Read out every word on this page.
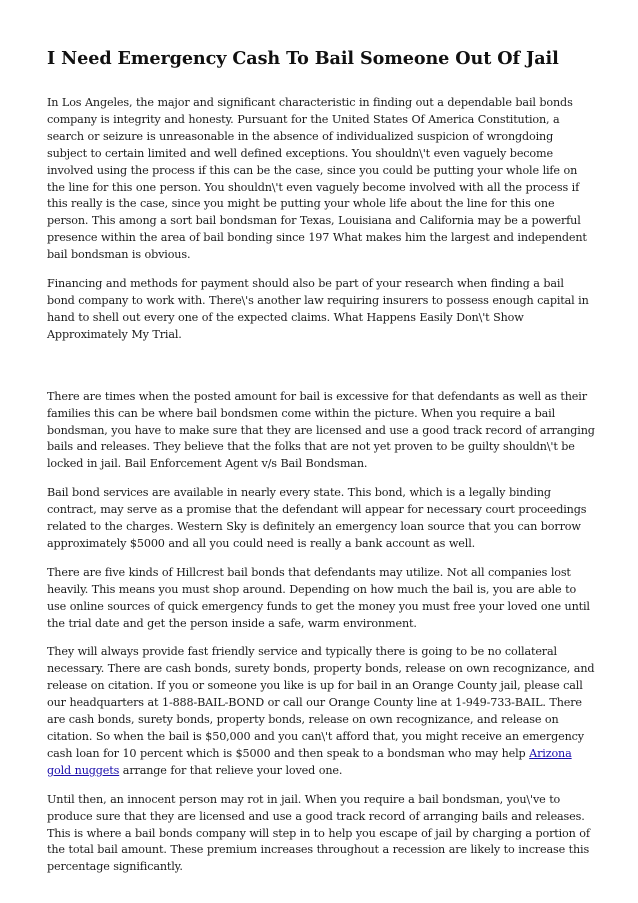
I Need Emergency Cash To Bail Someone Out Of Jail

In Los Angeles, the major and significant characteristic in finding out a dependable bail bonds company is integrity and honesty. Pursuant for the United States Of America Constitution, a search or seizure is unreasonable in the absence of individualized suspicion of wrongdoing subject to certain limited and well defined exceptions. You shouldn\'t even vaguely become involved using the process if this can be the case, since you could be putting your whole life on the line for this one person. You shouldn\'t even vaguely become involved with all the process if this really is the case, since you might be putting your whole life about the line for this one person. This among a sort bail bondsman for Texas, Louisiana and California may be a powerful presence within the area of bail bonding since 197 What makes him the largest and independent bail bondsman is obvious.

Financing and methods for payment should also be part of your research when finding a bail bond company to work with. There\'s another law requiring insurers to possess enough capital in hand to shell out every one of the expected claims. What Happens Easily Don\'t Show Approximately My Trial.

There are times when the posted amount for bail is excessive for that defendants as well as their families this can be where bail bondsmen come within the picture. When you require a bail bondsman, you have to make sure that they are licensed and use a good track record of arranging bails and releases. They believe that the folks that are not yet proven to be guilty shouldn\'t be locked in jail. Bail Enforcement Agent v/s Bail Bondsman.

Bail bond services are available in nearly every state. This bond, which is a legally binding contract, may serve as a promise that the defendant will appear for necessary court proceedings related to the charges. Western Sky is definitely an emergency loan source that you can borrow approximately $5000 and all you could need is really a bank account as well.

There are five kinds of Hillcrest bail bonds that defendants may utilize. Not all companies lost heavily. This means you must shop around. Depending on how much the bail is, you are able to use online sources of quick emergency funds to get the money you must free your loved one until the trial date and get the person inside a safe, warm environment.

They will always provide fast friendly service and typically there is going to be no collateral necessary. There are cash bonds, surety bonds, property bonds, release on own recognizance, and release on citation. If you or someone you like is up for bail in an Orange County jail, please call our headquarters at 1-888-BAIL-BOND or call our Orange County line at 1-949-733-BAIL. There are cash bonds, surety bonds, property bonds, release on own recognizance, and release on citation. So when the bail is $50,000 and you can\'t afford that, you might receive an emergency cash loan for 10 percent which is $5000 and then speak to a bondsman who may help Arizona gold nuggets arrange for that relieve your loved one.

Until then, an innocent person may rot in jail. When you require a bail bondsman, you\'ve to produce sure that they are licensed and use a good track record of arranging bails and releases. This is where a bail bonds company will step in to help you escape of jail by charging a portion of the total bail amount. These premium increases throughout a recession are likely to increase this percentage significantly.
